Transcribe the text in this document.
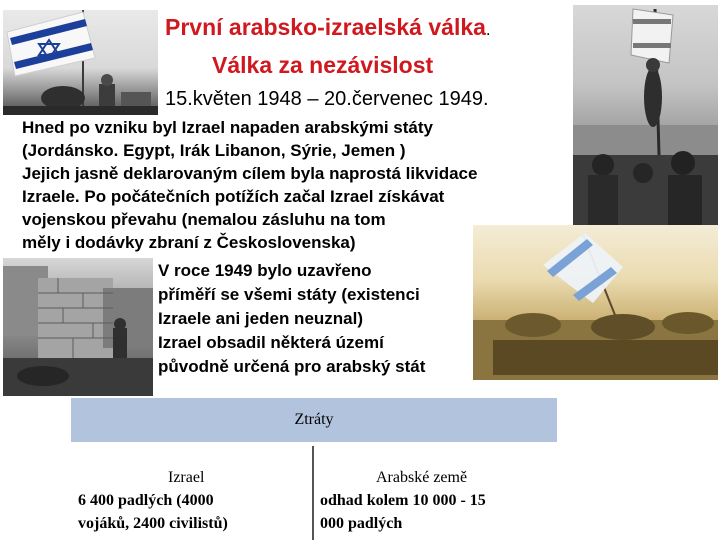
První arabsko-izraelská válka.
Válka za nezávislost
15.květen 1948 – 20.červenec 1949.
Hned po vzniku byl Izrael napaden arabskými státy
(Jordánsko. Egypt, Irák Libanon, Sýrie, Jemen )
Jejich jasně deklarovaným cílem byla naprostá likvidace
Izraele. Po počátečních potížích začal Izrael získávat
vojenskou převahu (nemalou zásluhu na tom
měly i dodávky zbraní z Československa)
V roce 1949 bylo uzavřeno
příměří se všemi státy (existenci
Izraele ani jeden neuznal)
Izrael obsadil některá území
původně určená pro arabský stát
Ztráty
Izrael
6 400 padlých (4000
vojáků, 2400 civilistů)
Arabské země
odhad kolem 10 000 - 15
000 padlých
